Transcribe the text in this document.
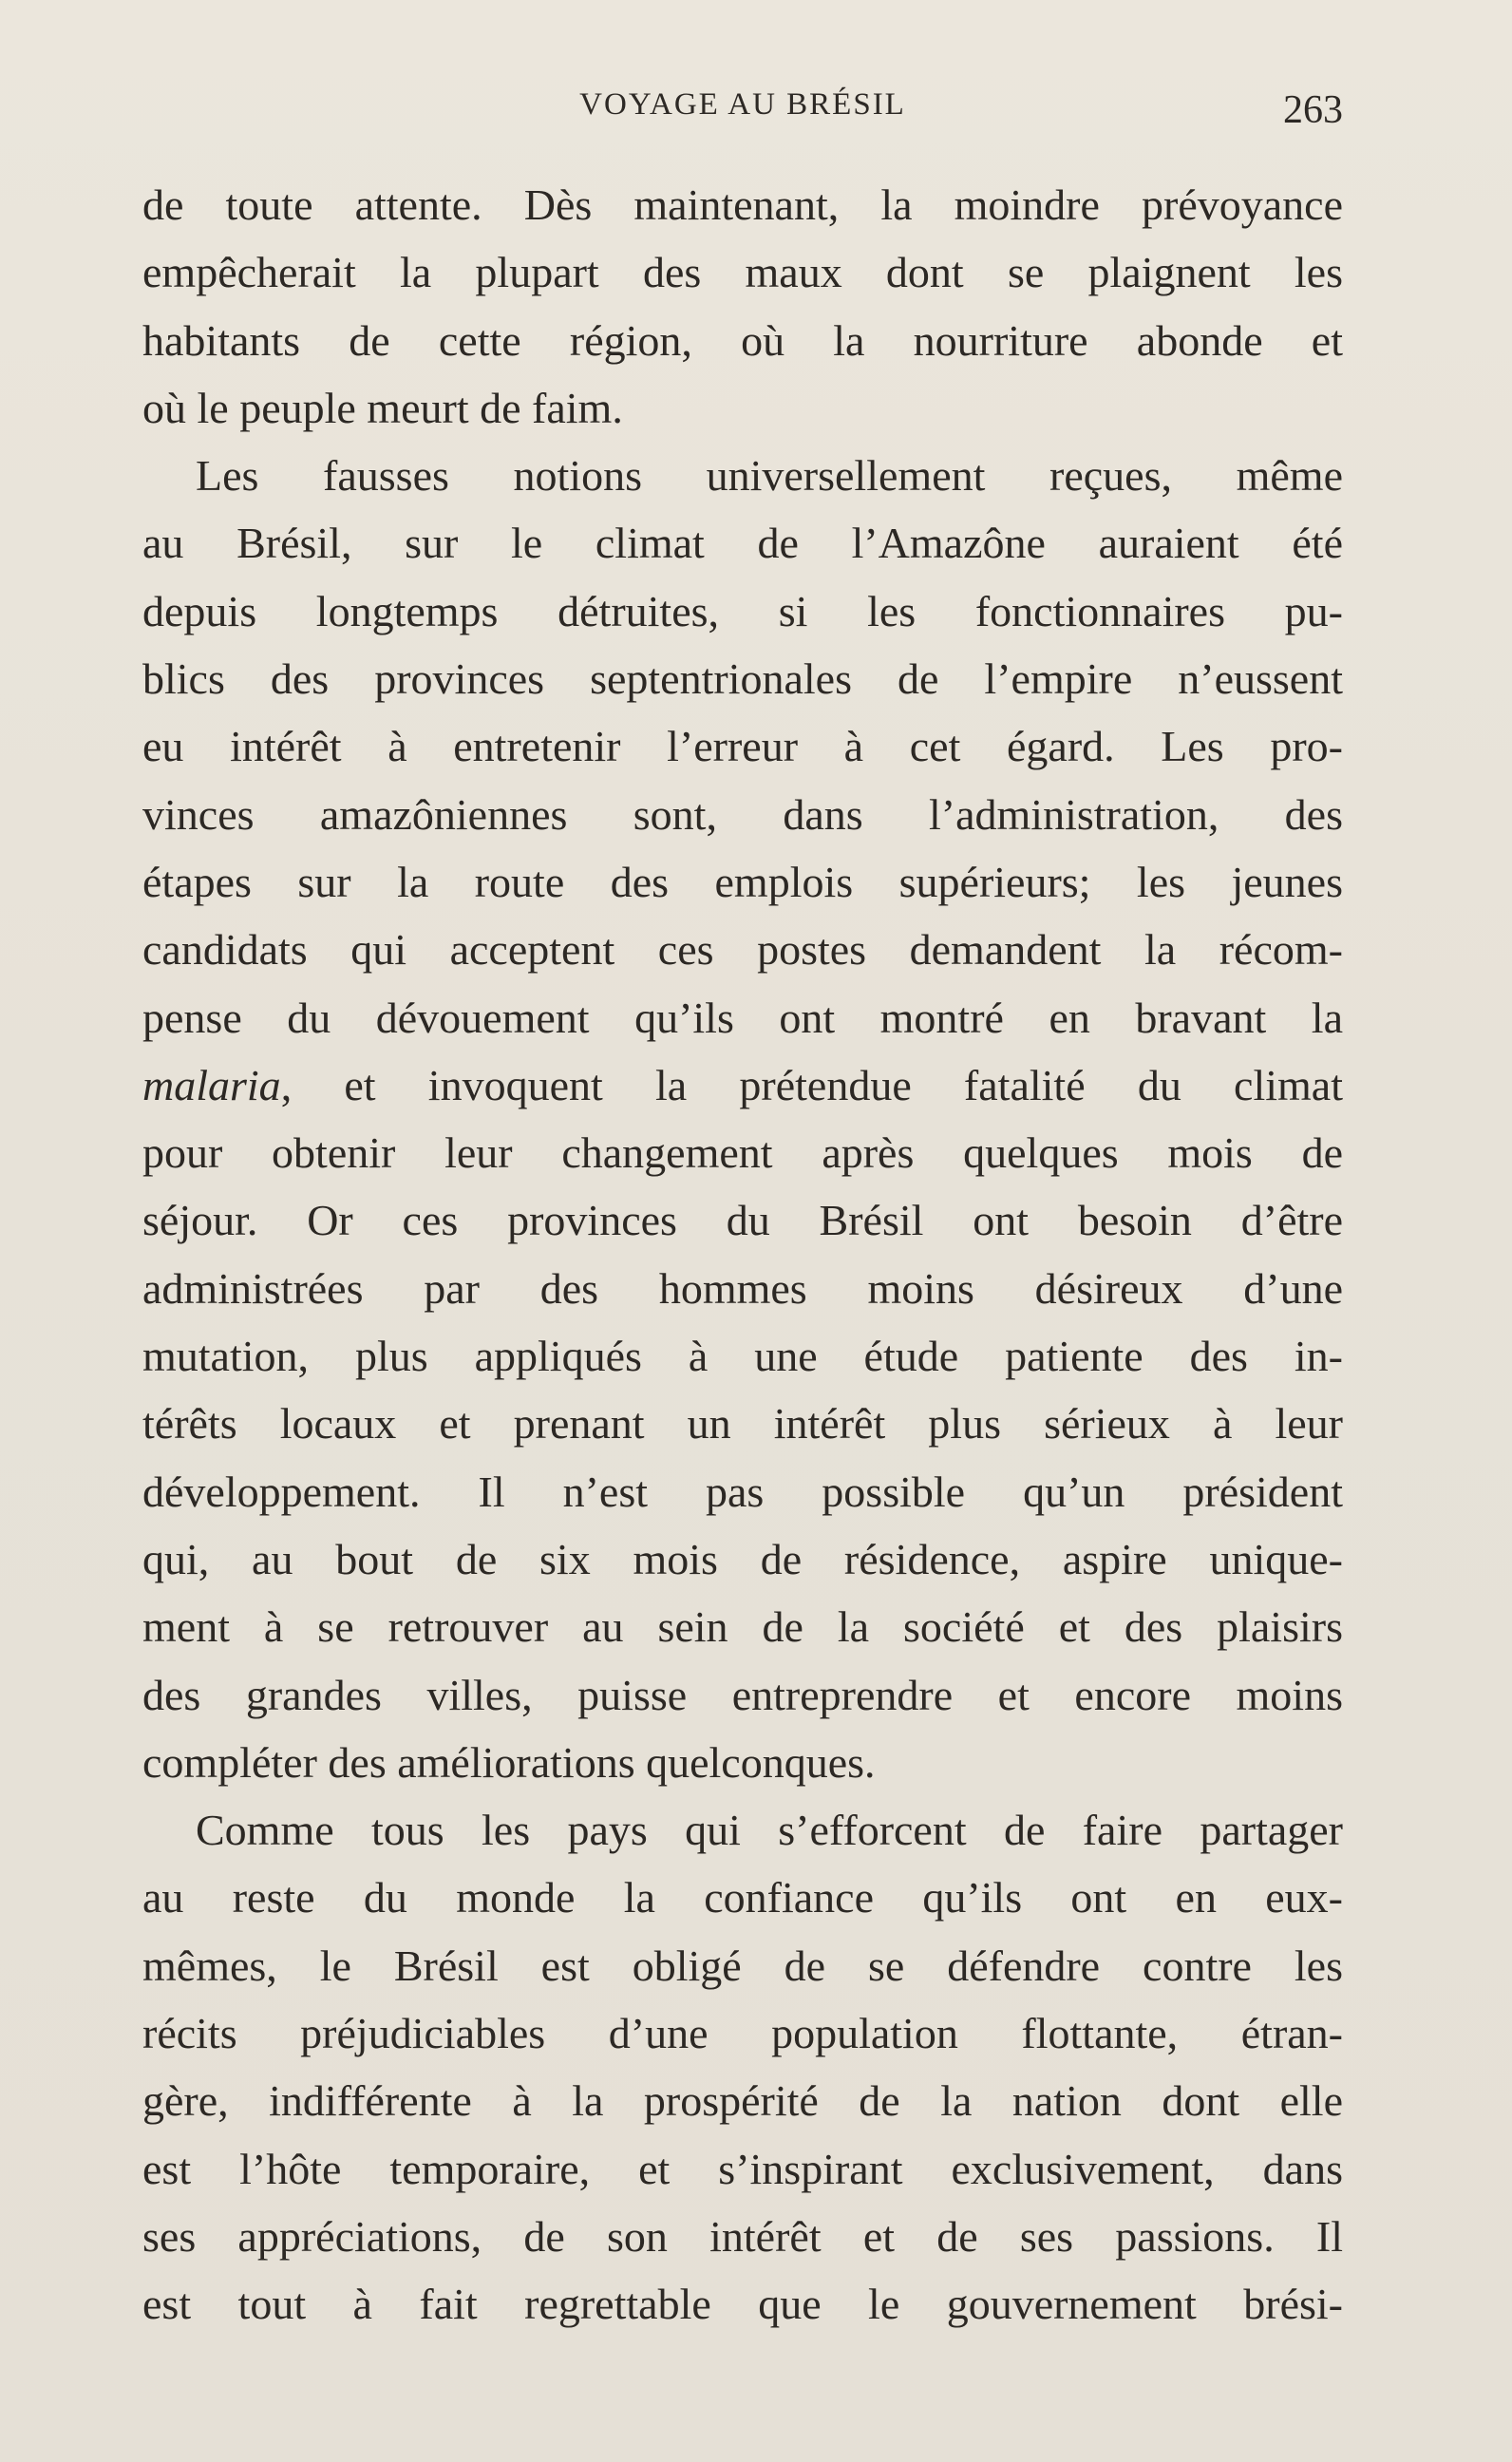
VOYAGE AU BRÉSIL	263
de toute attente. Dès maintenant, la moindre prévoyance
empêcherait la plupart des maux dont se plaignent les
habitants de cette région, où la nourriture abonde et
où le peuple meurt de faim.
Les fausses notions universellement reçues, même
au Brésil, sur le climat de l’Amazône auraient été
depuis longtemps détruites, si les fonctionnaires pu-
blics des provinces septentrionales de l’empire n’eussent
eu intérêt à entretenir l’erreur à cet égard. Les pro-
vinces amazôniennes sont, dans l’administration, des
étapes sur la route des emplois supérieurs; les jeunes
candidats qui acceptent ces postes demandent la récom-
pense du dévouement qu’ils ont montré en bravant la
malaria, et invoquent la prétendue fatalité du climat
pour obtenir leur changement après quelques mois de
séjour. Or ces provinces du Brésil ont besoin d’être
administrées par des hommes moins désireux d’une
mutation, plus appliqués à une étude patiente des in-
térêts locaux et prenant un intérêt plus sérieux à leur
développement. Il n’est pas possible qu’un président
qui, au bout de six mois de résidence, aspire unique-
ment à se retrouver au sein de la société et des plaisirs
des grandes villes, puisse entreprendre et encore moins
compléter des améliorations quelconques.
Comme tous les pays qui s’efforcent de faire partager
au reste du monde la confiance qu’ils ont en eux-
mêmes, le Brésil est obligé de se défendre contre les
récits préjudiciables d’une population flottante, étran-
gère, indifférente à la prospérité de la nation dont elle
est l’hôte temporaire, et s’inspirant exclusivement, dans
ses appréciations, de son intérêt et de ses passions. Il
est tout à fait regrettable que le gouvernement brési-
